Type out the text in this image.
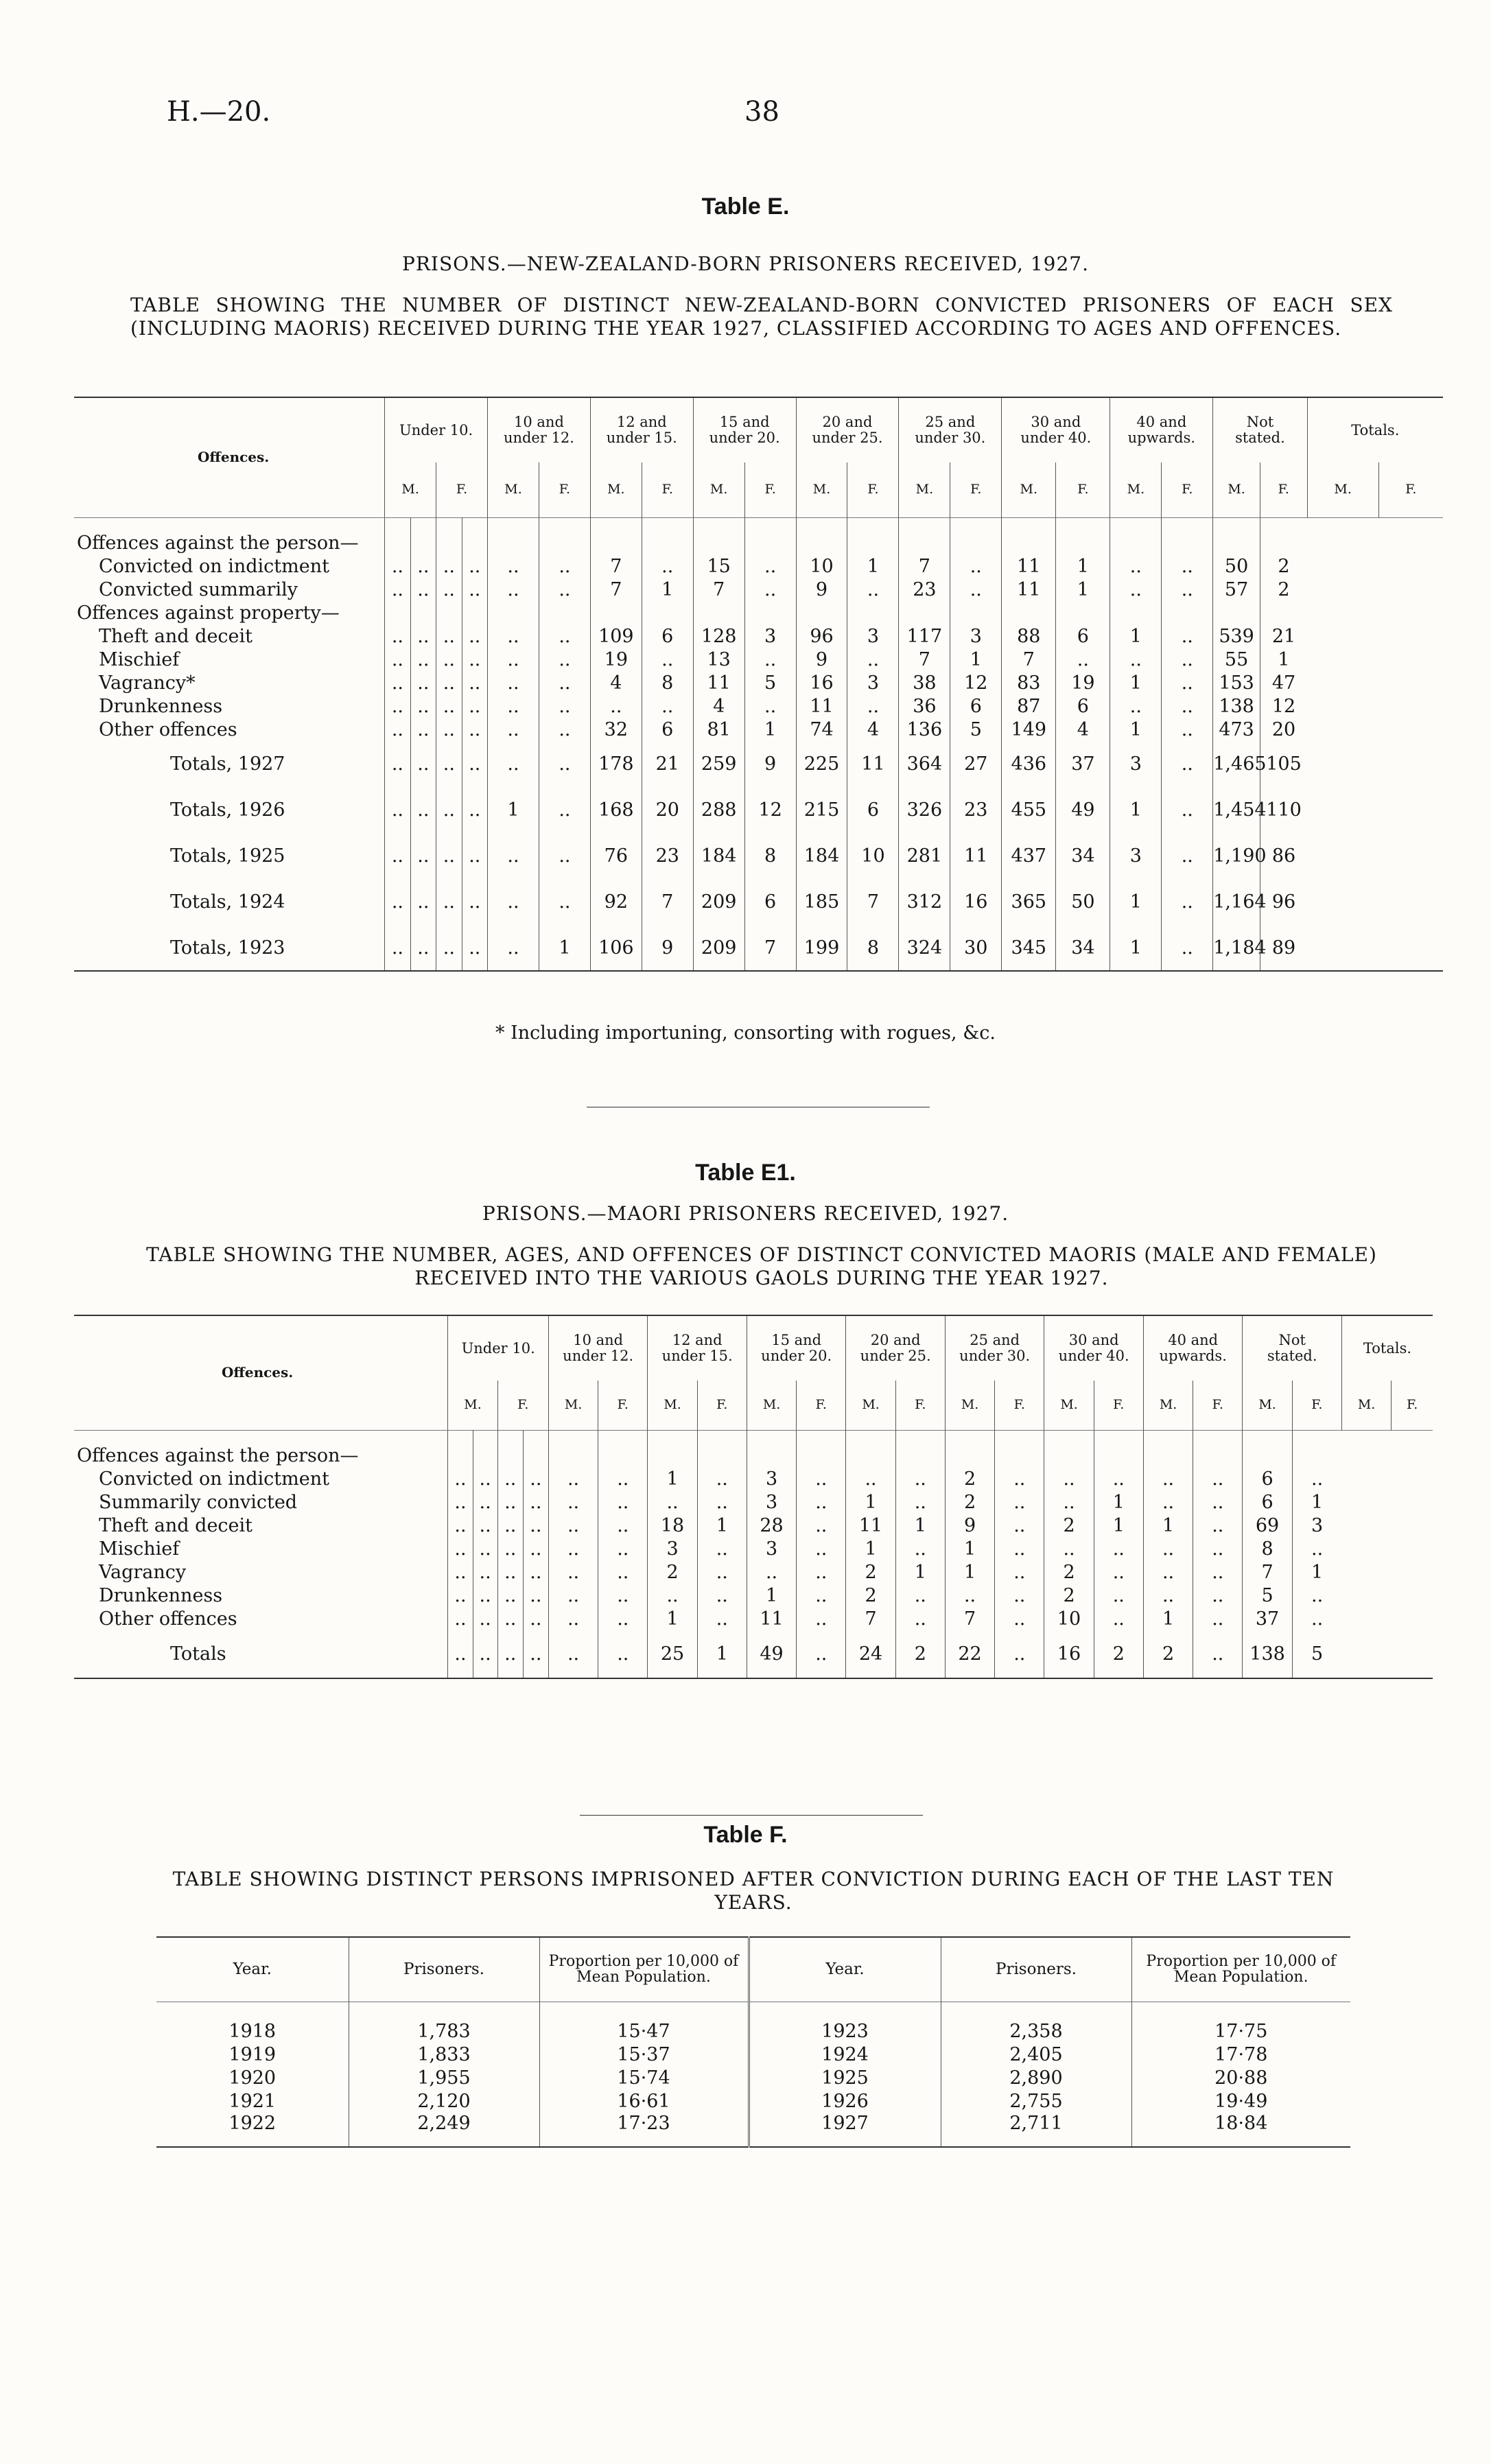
H.—20.	38
Table E.
PRISONS.—NEW-ZEALAND-BORN PRISONERS RECEIVED, 1927.
TABLE SHOWING THE NUMBER OF DISTINCT NEW-ZEALAND-BORN CONVICTED PRISONERS OF EACH SEX (INCLUDING MAORIS) RECEIVED DURING THE YEAR 1927, CLASSIFIED ACCORDING TO AGES AND OFFENCES.
Offences.	Under 10.				10 and under 12.		12 and under 15.		15 and under 20.		20 and under 25.		25 and under 30.		30 and under 40.		40 and upwards.		Not stated.		Totals.	
	M.		F.		M.	F.	M.	F.	M.	F.	M.	F.	M.	F.	M.	F.	M.	F.	M.	F.	M.	F.

Offences against the person—																						
Convicted on indictment	..	..	..	..	..	..	7	..	15	..	10	1	7	..	11	1	..	..	50	2		
Convicted summarily	..	..	..	..	..	..	7	1	7	..	9	..	23	..	11	1	..	..	57	2		
Offences against property—																						
Theft and deceit	..	..	..	..	..	..	109	6	128	3	96	3	117	3	88	6	1	..	539	21		
Mischief	..	..	..	..	..	..	19	..	13	..	9	..	7	1	7	..	..	..	55	1		
Vagrancy*	..	..	..	..	..	..	4	8	11	5	16	3	38	12	83	19	1	..	153	47		
Drunkenness	..	..	..	..	..	..	..	..	4	..	11	..	36	6	87	6	..	..	138	12		
Other offences	..	..	..	..	..	..	32	6	81	1	74	4	136	5	149	4	1	..	473	20		
Totals, 1927	..	..	..	..	..	..	178	21	259	9	225	11	364	27	436	37	3	..	1,465	105		
Totals, 1926	..	..	..	..	1	..	168	20	288	12	215	6	326	23	455	49	1	..	1,454	110		
Totals, 1925	..	..	..	..	..	..	76	23	184	8	184	10	281	11	437	34	3	..	1,190	86		
Totals, 1924	..	..	..	..	..	..	92	7	209	6	185	7	312	16	365	50	1	..	1,164	96		
Totals, 1923	..	..	..	..	..	1	106	9	209	7	199	8	324	30	345	34	1	..	1,184	89		
* Including importuning, consorting with rogues, &c.
Table E1.
PRISONS.—MAORI PRISONERS RECEIVED, 1927.
TABLE SHOWING THE NUMBER, AGES, AND OFFENCES OF DISTINCT CONVICTED MAORIS (MALE AND FEMALE) RECEIVED INTO THE VARIOUS GAOLS DURING THE YEAR 1927.
Offences.	Under 10.				10 and under 12.		12 and under 15.		15 and under 20.		20 and under 25.		25 and under 30.		30 and under 40.		40 and upwards.		Not stated.		Totals.	
	M.		F.		M.	F.	M.	F.	M.	F.	M.	F.	M.	F.	M.	F.	M.	F.	M.	F.	M.	F.

Offences against the person—																						
Convicted on indictment	..	..	..	..	..	..	1	..	3	..	..	..	2	..	..	..	..	..	6	..		
Summarily convicted	..	..	..	..	..	..	..	..	3	..	1	..	2	..	..	1	..	..	6	1		
Theft and deceit	..	..	..	..	..	..	18	1	28	..	11	1	9	..	2	1	1	..	69	3		
Mischief	..	..	..	..	..	..	3	..	3	..	1	..	1	..	..	..	..	..	8	..		
Vagrancy	..	..	..	..	..	..	2	..	..	..	2	1	1	..	2	..	..	..	7	1		
Drunkenness	..	..	..	..	..	..	..	..	1	..	2	..	..	..	2	..	..	..	5	..		
Other offences	..	..	..	..	..	..	1	..	11	..	7	..	7	..	10	..	1	..	37	..		
Totals	..	..	..	..	..	..	25	1	49	..	24	2	22	..	16	2	2	..	138	5		
Table F.
TABLE SHOWING DISTINCT PERSONS IMPRISONED AFTER CONVICTION DURING EACH OF THE LAST TEN YEARS.
Year.	Prisoners.	Proportion per 10,000 of Mean Population.	Year.	Prisoners.	Proportion per 10,000 of Mean Population.

1918	1,783	15·47	1923	2,358	17·75
1919	1,833	15·37	1924	2,405	17·78
1920	1,955	15·74	1925	2,890	20·88
1921	2,120	16·61	1926	2,755	19·49
1922	2,249	17·23	1927	2,711	18·84
